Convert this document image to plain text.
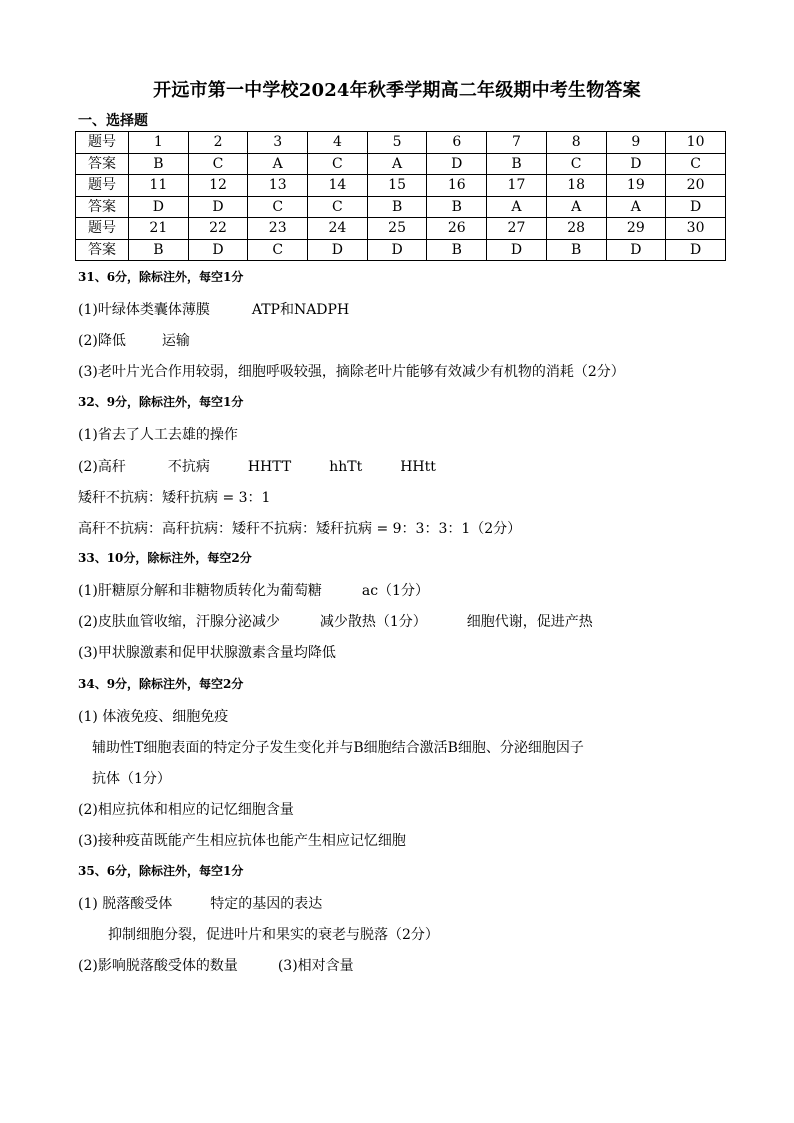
开远市第一中学校2024年秋季学期高二年级期中考生物答案
一、选择题
题号	1	2	3	4	5	6	7	8	9	10
答案	B	C	A	C	A	D	B	C	D	C
题号	11	12	13	14	15	16	17	18	19	20
答案	D	D	C	C	B	B	A	A	A	D
题号	21	22	23	24	25	26	27	28	29	30
答案	B	D	C	D	D	B	D	B	D	D
31、6分，除标注外，每空1分
(1)叶绿体类囊体薄膜	ATP和NADPH
(2)降低	运输
(3)老叶片光合作用较弱，细胞呼吸较强，摘除老叶片能够有效减少有机物的消耗（2分）
32、9分，除标注外，每空1分
(1)省去了人工去雄的操作
(2)高秆	不抗病	HHTT	hhTt	HHtt
矮秆不抗病：矮秆抗病 = 3：1
高秆不抗病：高秆抗病：矮秆不抗病：矮秆抗病 = 9：3：3：1（2分）
33、10分，除标注外，每空2分
(1)肝糖原分解和非糖物质转化为葡萄糖	ac（1分）
(2)皮肤血管收缩，汗腺分泌减少	减少散热（1分）	细胞代谢，促进产热
(3)甲状腺激素和促甲状腺激素含量均降低
34、9分，除标注外，每空2分
(1) 体液免疫、细胞免疫
辅助性T细胞表面的特定分子发生变化并与B细胞结合激活B细胞、分泌细胞因子
抗体（1分）
(2)相应抗体和相应的记忆细胞含量
(3)接种疫苗既能产生相应抗体也能产生相应记忆细胞
35、6分，除标注外，每空1分
(1) 脱落酸受体	特定的基因的表达
抑制细胞分裂，促进叶片和果实的衰老与脱落（2分）
(2)影响脱落酸受体的数量	(3)相对含量
